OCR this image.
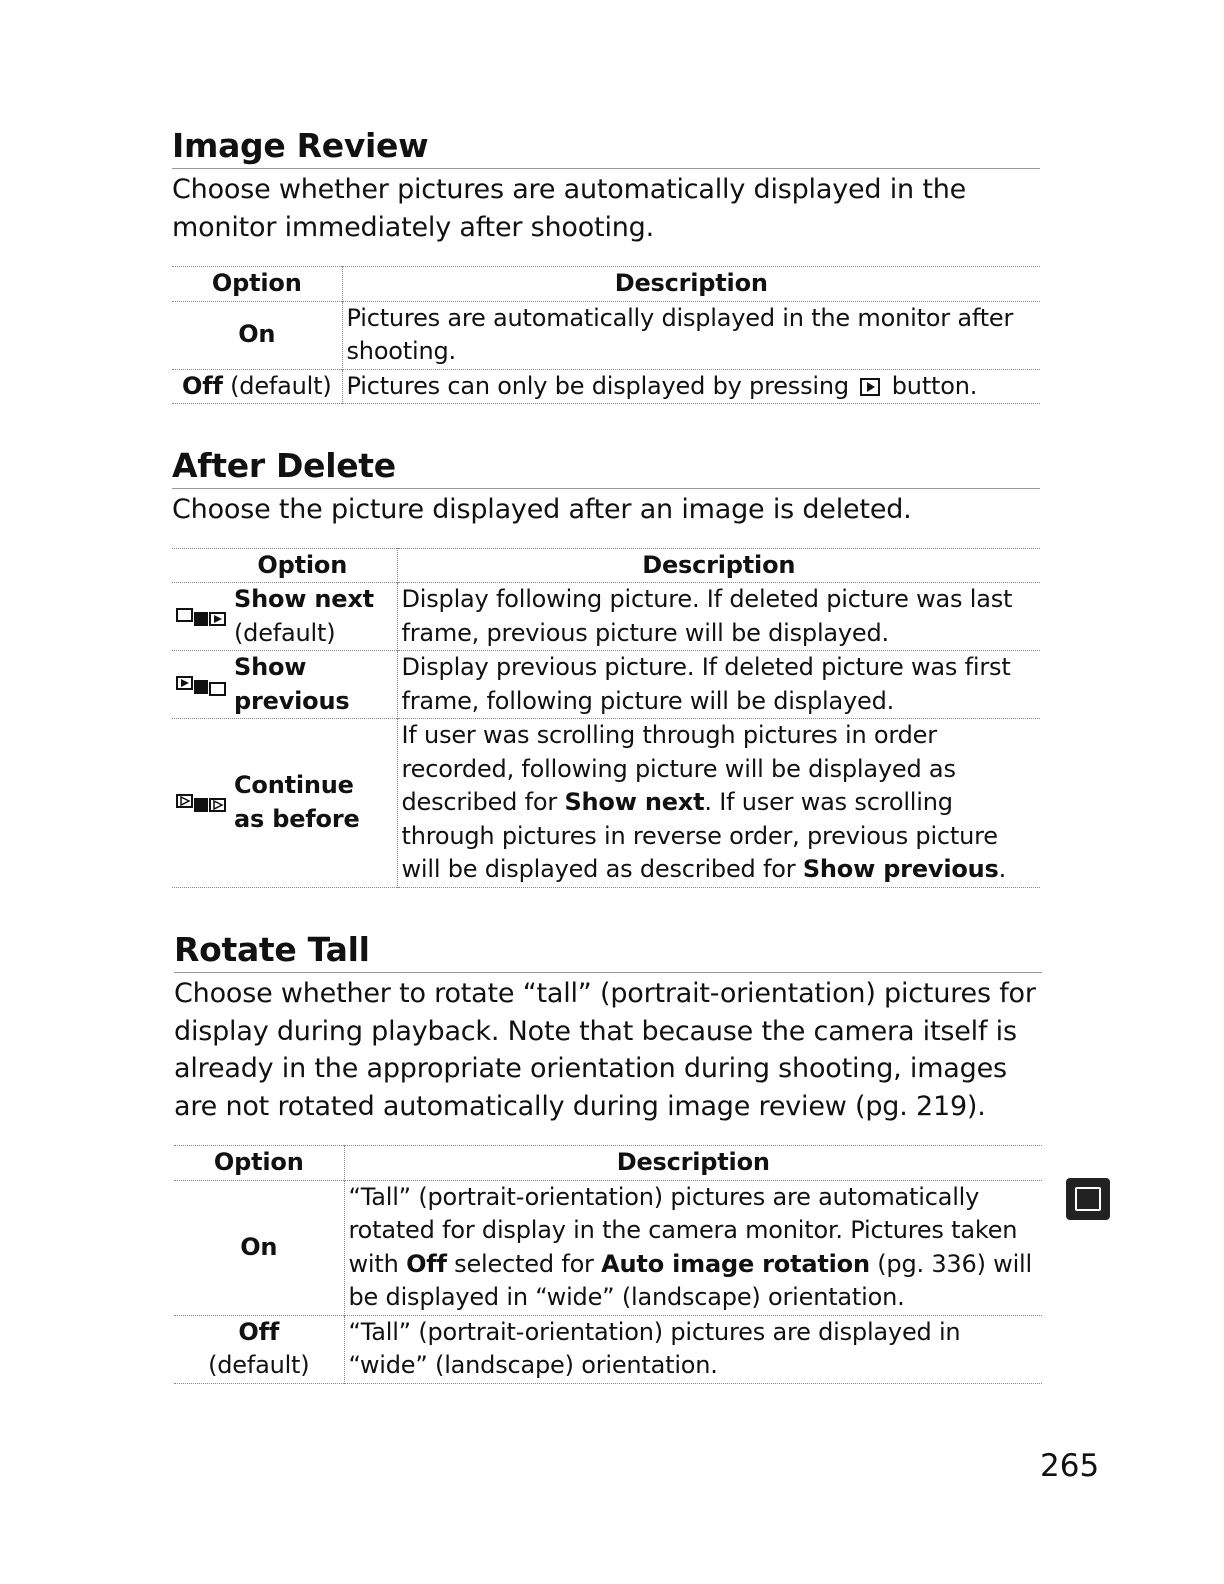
Image Review

Choose whether pictures are automatically displayed in the monitor immediately after shooting.

Option	Description
On	Pictures are automatically displayed in the monitor after shooting.
Off (default)	Pictures can only be displayed by pressing  button.
After Delete

Choose the picture displayed after an image is deleted.

Option	Description

Show next
(default)	Display following picture. If deleted picture was last frame, previous picture will be displayed.

Show previous	Display previous picture. If deleted picture was first frame, following picture will be displayed.

Continue as before	If user was scrolling through pictures in order recorded, following picture will be displayed as described for Show next. If user was scrolling through pictures in reverse order, previous picture will be displayed as described for Show previous.
Rotate Tall

Choose whether to rotate “tall” (portrait-orientation) pictures for display during playback. Note that because the camera itself is already in the appropriate orientation during shooting, images are not rotated automatically during image review (pg. 219).

Option	Description
On	“Tall” (portrait-orientation) pictures are automatically rotated for display in the camera monitor. Pictures taken with Off selected for Auto image rotation (pg. 336) will be displayed in “wide” (landscape) orientation.
Off
(default)	“Tall” (portrait-orientation) pictures are displayed in “wide” (landscape) orientation.
265
